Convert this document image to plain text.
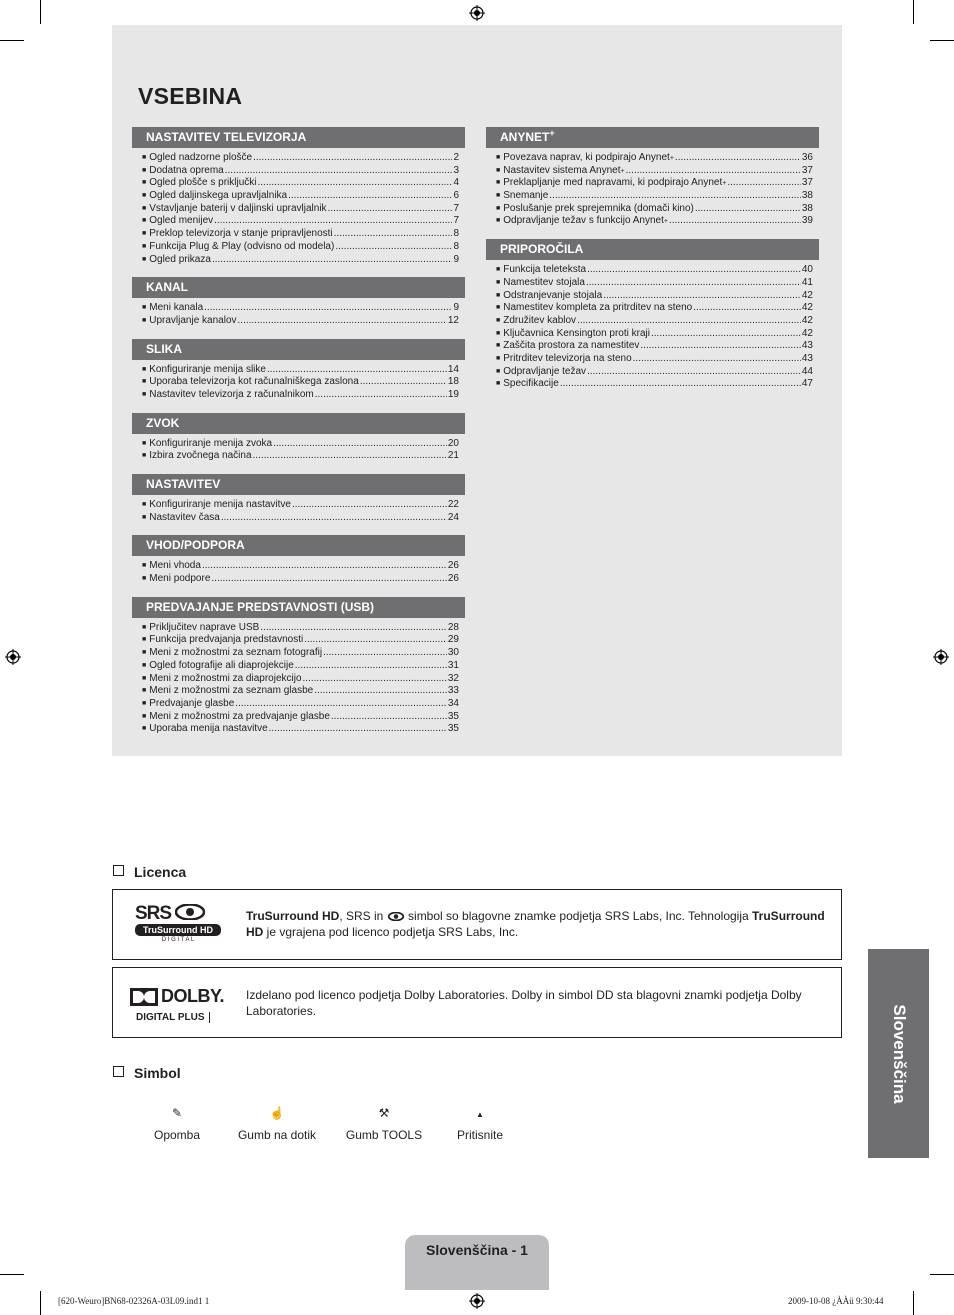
VSEBINA
NASTAVITEV TELEVIZORJA
■ Ogled nadzorne plošče .....	2
■ Dodatna oprema .....	3
■ Ogled plošče s priključki .....	4
■ Ogled daljinskega upravljalnika .....	6
■ Vstavljanje baterij v daljinski upravljalnik .....	7
■ Ogled menijev .....	7
■ Preklop televizorja v stanje pripravljenosti .....	8
■ Funkcija Plug & Play (odvisno od modela) .....	8
■ Ogled prikaza .....	9
KANAL
■ Meni kanala .....	9
■ Upravljanje kanalov .....	12
SLIKA
■ Konfiguriranje menija slike .....	14
■ Uporaba televizorja kot računalniškega zaslona .....	18
■ Nastavitev televizorja z računalnikom .....	19
ZVOK
■ Konfiguriranje menija zvoka .....	20
■ Izbira zvočnega načina .....	21
NASTAVITEV
■ Konfiguriranje menija nastavitve .....	22
■ Nastavitev časa .....	24
VHOD/PODPORA
■ Meni vhoda .....	26
■ Meni podpore .....	26
PREDVAJANJE PREDSTAVNOSTI (USB)
■ Priključitev naprave USB .....	28
■ Funkcija predvajanja predstavnosti .....	29
■ Meni z možnostmi za seznam fotografij .....	30
■ Ogled fotografije ali diaprojekcije .....	31
■ Meni z možnostmi za diaprojekcijo .....	32
■ Meni z možnostmi za seznam glasbe .....	33
■ Predvajanje glasbe .....	34
■ Meni z možnostmi za predvajanje glasbe .....	35
■ Uporaba menija nastavitve .....	35
ANYNET+
■ Povezava naprav, ki podpirajo Anynet + .....	36
■ Nastavitev sistema Anynet + .....	37
■ Preklapljanje med napravami, ki podpirajo Anynet + .....	37
■ Snemanje .....	38
■ Poslušanje prek sprejemnika (domači kino) .....	38
■ Odpravljanje težav s funkcijo Anynet + .....	39
PRIPOROČILA
■ Funkcija teleteksta .....	40
■ Namestitev stojala .....	41
■ Odstranjevanje stojala .....	42
■ Namestitev kompleta za pritrditev na steno .....	42
■ Združitev kablov .....	42
■ Ključavnica Kensington proti kraji .....	42
■ Zaščita prostora za namestitev .....	43
■ Pritrditev televizorja na steno .....	43
■ Odpravljanje težav .....	44
■ Specifikacije .....	47
Licenca
SRS
TruSurround HD
D I G I T A L
TruSurround HD, SRS in  simbol so blagovne znamke podjetja SRS Labs, Inc. Tehnologija TruSurround HD je vgrajena pod licenco podjetja SRS Labs, Inc.
DOLBY.
DIGITAL PLUS
Izdelano pod licenco podjetja Dolby Laboratories. Dolby in simbol DD sta blagovni znamki podjetja Dolby Laboratories.
Simbol
✎
Opomba
☝
Gumb na dotik
⚒
Gumb TOOLS
▲
Pritisnite
Slovenščina
Slovenščina - 1
[620-Weuro]BN68-02326A-03L09.ind1 1	2009-10-08 ¿ÀÀü 9:30:44
